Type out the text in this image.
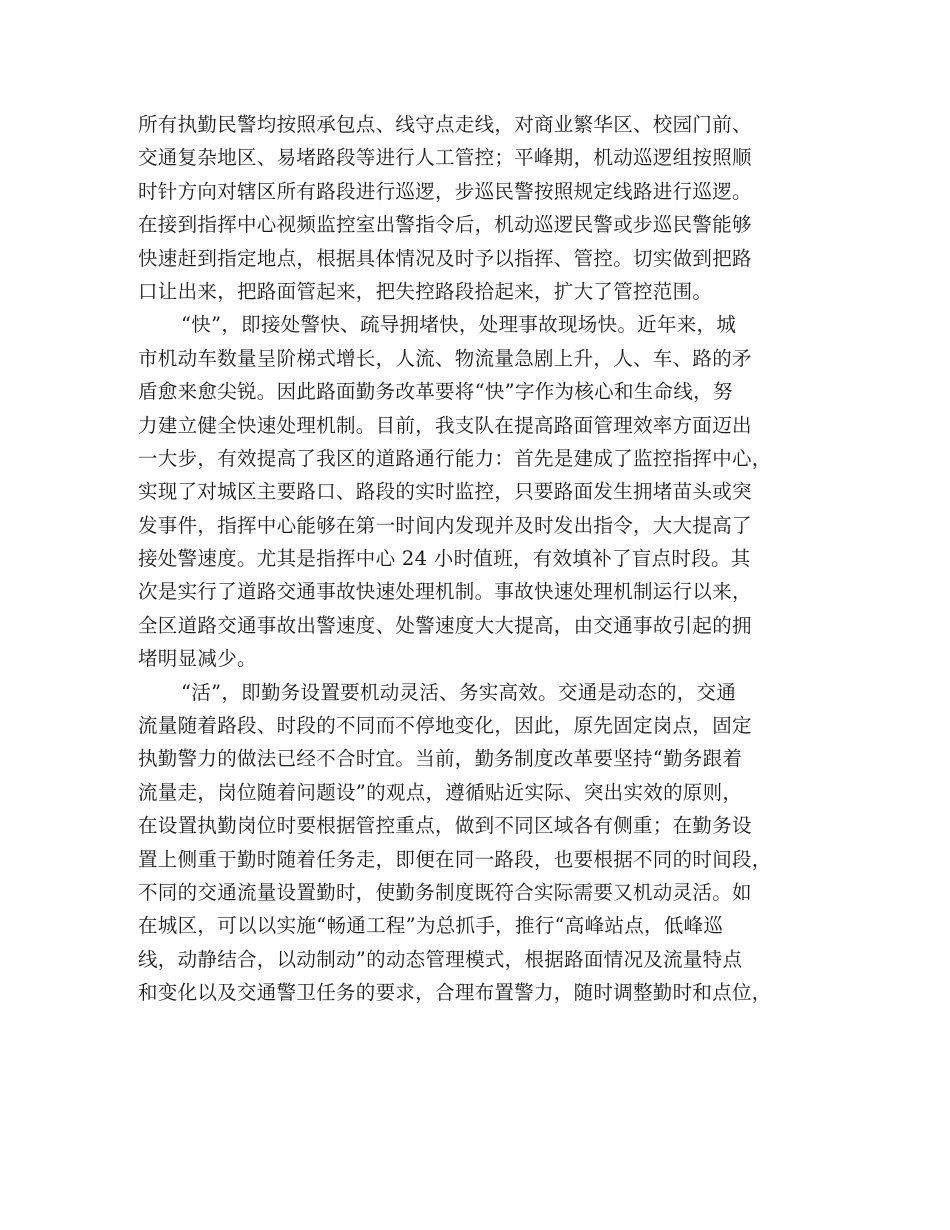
所有执勤民警均按照承包点、线守点走线，对商业繁华区、校园门前、
交通复杂地区、易堵路段等进行人工管控；平峰期，机动巡逻组按照顺
时针方向对辖区所有路段进行巡逻，步巡民警按照规定线路进行巡逻。
在接到指挥中心视频监控室出警指令后，机动巡逻民警或步巡民警能够
快速赶到指定地点，根据具体情况及时予以指挥、管控。切实做到把路
口让出来，把路面管起来，把失控路段拾起来，扩大了管控范围。
“快”，即接处警快、疏导拥堵快，处理事故现场快。近年来，城
市机动车数量呈阶梯式增长，人流、物流量急剧上升，人、车、路的矛
盾愈来愈尖锐。因此路面勤务改革要将“快”字作为核心和生命线，努
力建立健全快速处理机制。目前，我支队在提高路面管理效率方面迈出
一大步，有效提高了我区的道路通行能力：首先是建成了监控指挥中心，
实现了对城区主要路口、路段的实时监控，只要路面发生拥堵苗头或突
发事件，指挥中心能够在第一时间内发现并及时发出指令，大大提高了
接处警速度。尤其是指挥中心 24 小时值班，有效填补了盲点时段。其
次是实行了道路交通事故快速处理机制。事故快速处理机制运行以来，
全区道路交通事故出警速度、处警速度大大提高，由交通事故引起的拥
堵明显减少。
“活”，即勤务设置要机动灵活、务实高效。交通是动态的，交通
流量随着路段、时段的不同而不停地变化，因此，原先固定岗点，固定
执勤警力的做法已经不合时宜。当前，勤务制度改革要坚持“勤务跟着
流量走，岗位随着问题设”的观点，遵循贴近实际、突出实效的原则，
在设置执勤岗位时要根据管控重点，做到不同区域各有侧重；在勤务设
置上侧重于勤时随着任务走，即便在同一路段，也要根据不同的时间段，
不同的交通流量设置勤时，使勤务制度既符合实际需要又机动灵活。如
在城区，可以以实施“畅通工程”为总抓手，推行“高峰站点，低峰巡
线，动静结合，以动制动”的动态管理模式，根据路面情况及流量特点
和变化以及交通警卫任务的要求，合理布置警力，随时调整勤时和点位，
